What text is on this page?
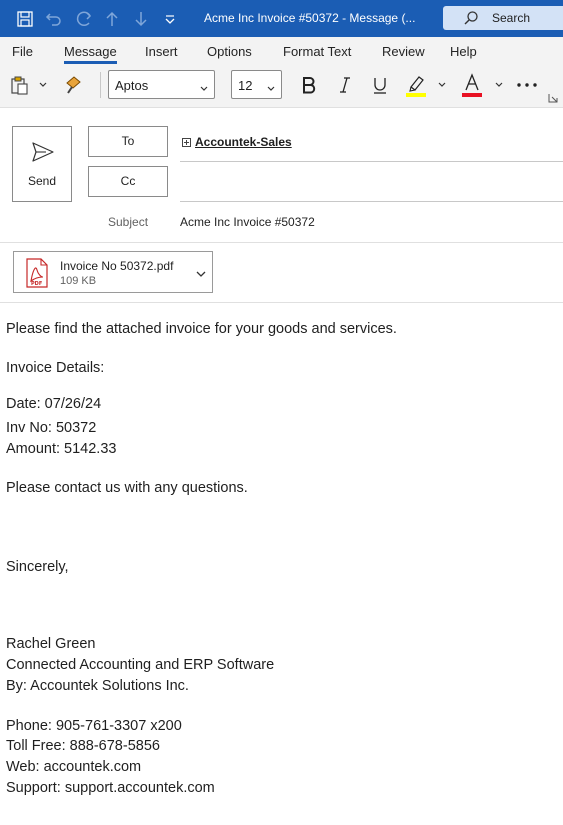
Acme Inc Invoice #50372 - Message (...	Search
File Message Insert Options Format Text Review Help
Aptos	12
Send
To
Cc
Accountek-Sales
Subject	Acme Inc Invoice #50372
PDF
Invoice No 50372.pdf
109 KB
Please find the attached invoice for your goods and services.
Invoice Details:
Date: 07/26/24
Inv No: 50372
Amount: 5142.33
Please contact us with any questions.
Sincerely,
Rachel Green
Connected Accounting and ERP Software
By: Accountek Solutions Inc.
Phone: 905-761-3307 x200
Toll Free: 888-678-5856
Web: accountek.com
Support: support.accountek.com
